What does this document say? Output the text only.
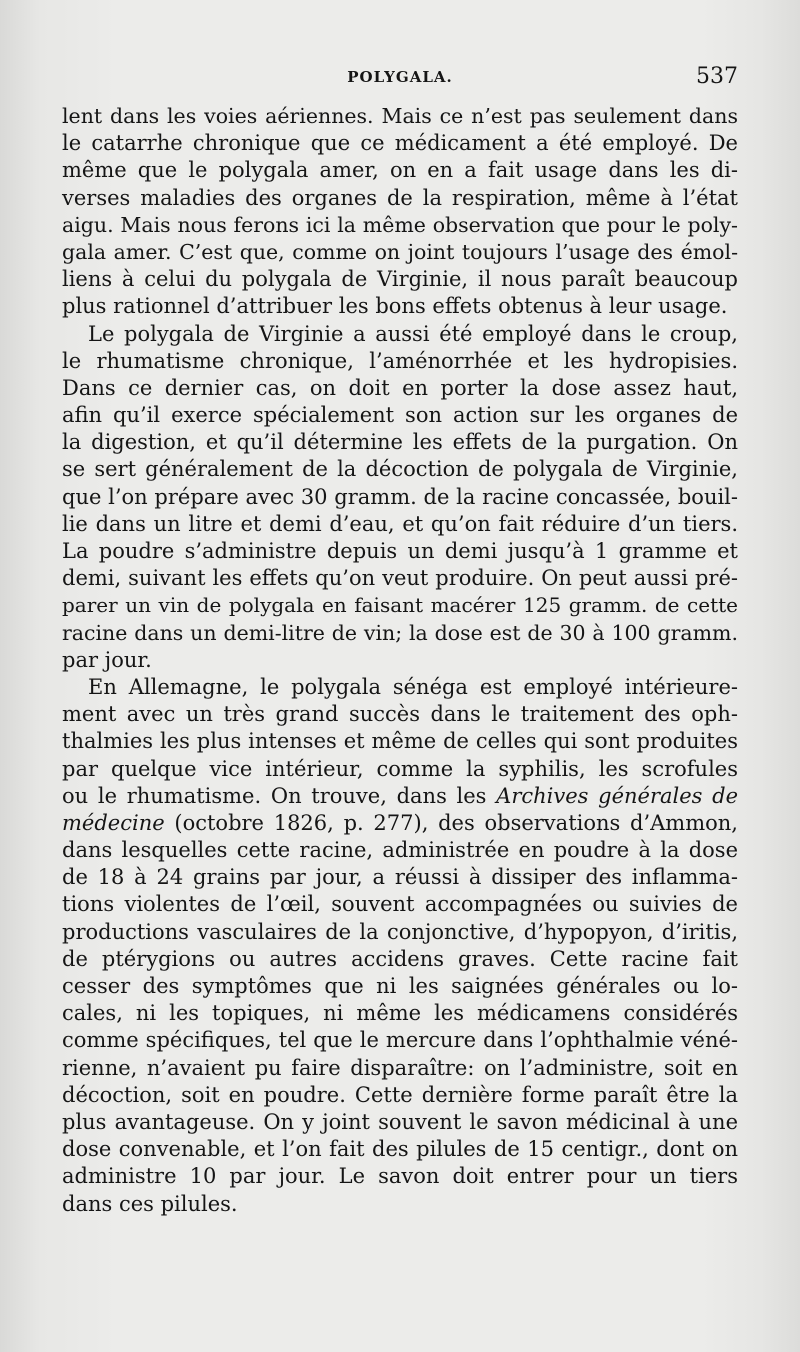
POLYGALA.	537
lent dans les voies aériennes. Mais ce n’est pas seulement dans
le catarrhe chronique que ce médicament a été employé. De
même que le polygala amer, on en a fait usage dans les di-
verses maladies des organes de la respiration, même à l’état
aigu. Mais nous ferons ici la même observation que pour le poly-
gala amer. C’est que, comme on joint toujours l’usage des émol-
liens à celui du polygala de Virginie, il nous paraît beaucoup
plus rationnel d’attribuer les bons effets obtenus à leur usage.
Le polygala de Virginie a aussi été employé dans le croup,
le rhumatisme chronique, l’aménorrhée et les hydropisies.
Dans ce dernier cas, on doit en porter la dose assez haut,
afin qu’il exerce spécialement son action sur les organes de
la digestion, et qu’il détermine les effets de la purgation. On
se sert généralement de la décoction de polygala de Virginie,
que l’on prépare avec 30 gramm. de la racine concassée, bouil-
lie dans un litre et demi d’eau, et qu’on fait réduire d’un tiers.
La poudre s’administre depuis un demi jusqu’à 1 gramme et
demi, suivant les effets qu’on veut produire. On peut aussi pré-
parer un vin de polygala en faisant macérer 125 gramm. de cette
racine dans un demi-litre de vin; la dose est de 30 à 100 gramm.
par jour.
En Allemagne, le polygala sénéga est employé intérieure-
ment avec un très grand succès dans le traitement des oph-
thalmies les plus intenses et même de celles qui sont produites
par quelque vice intérieur, comme la syphilis, les scrofules
ou le rhumatisme. On trouve, dans les Archives générales de
médecine (octobre 1826, p. 277), des observations d’Ammon,
dans lesquelles cette racine, administrée en poudre à la dose
de 18 à 24 grains par jour, a réussi à dissiper des inflamma-
tions violentes de l’œil, souvent accompagnées ou suivies de
productions vasculaires de la conjonctive, d’hypopyon, d’iritis,
de ptérygions ou autres accidens graves. Cette racine fait
cesser des symptômes que ni les saignées générales ou lo-
cales, ni les topiques, ni même les médicamens considérés
comme spécifiques, tel que le mercure dans l’ophthalmie véné-
rienne, n’avaient pu faire disparaître: on l’administre, soit en
décoction, soit en poudre. Cette dernière forme paraît être la
plus avantageuse. On y joint souvent le savon médicinal à une
dose convenable, et l’on fait des pilules de 15 centigr., dont on
administre 10 par jour. Le savon doit entrer pour un tiers
dans ces pilules.
